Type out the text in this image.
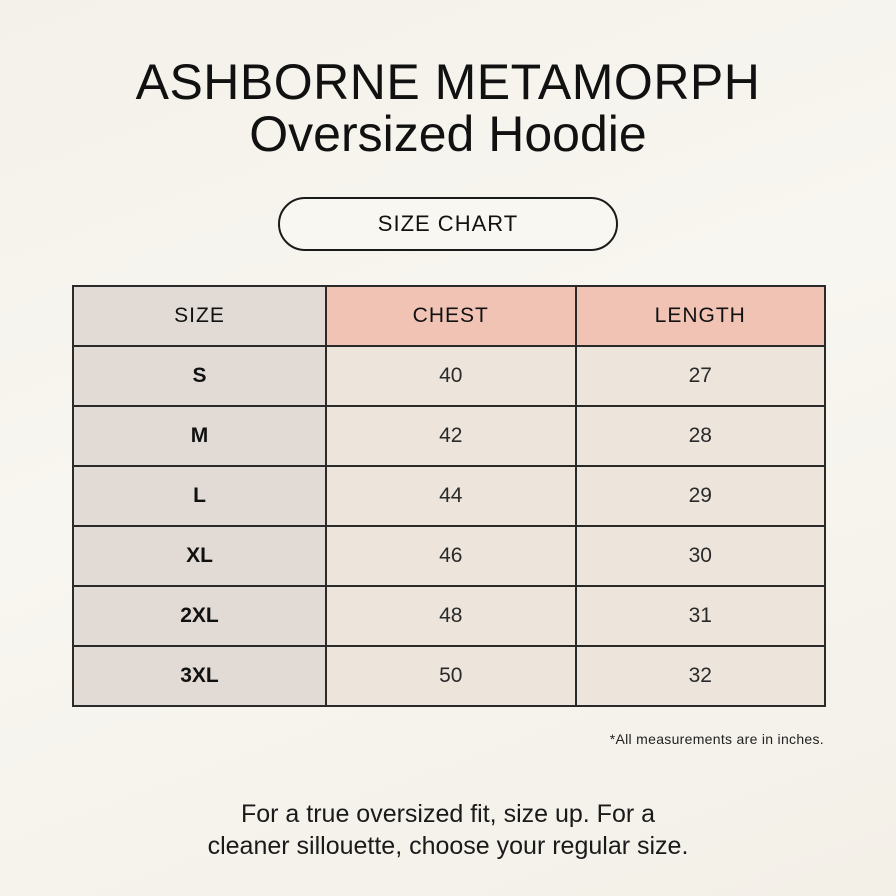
ASHBORNE METAMORPH
Oversized Hoodie
SIZE CHART
SIZE	CHEST	LENGTH
S	40	27
M	42	28
L	44	29
XL	46	30
2XL	48	31
3XL	50	32
*All measurements are in inches.
For a true oversized fit, size up. For a
cleaner sillouette, choose your regular size.
